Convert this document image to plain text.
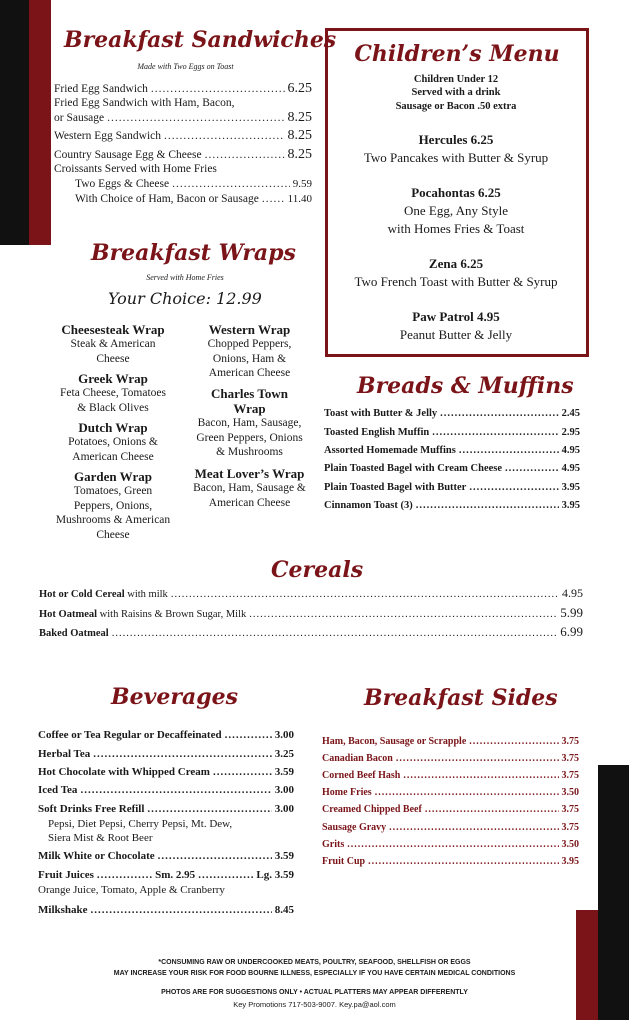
Breakfast Sandwiches
Made with Two Eggs on Toast
Fried Egg Sandwich .....	6.25
Fried Egg Sandwich with Ham, Bacon,
or Sausage .....	8.25
Western Egg Sandwich .....	8.25
Country Sausage Egg & Cheese .....	8.25
Croissants Served with Home Fries
Two Eggs & Cheese .....	9.59
With Choice of Ham, Bacon or Sausage .....	11.40
Breakfast Wraps
Served with Home Fries
Your Choice: 12.99
Cheesesteak Wrap
Steak & American
Cheese
Greek Wrap
Feta Cheese, Tomatoes
& Black Olives
Dutch Wrap
Potatoes, Onions &
American Cheese
Garden Wrap
Tomatoes, Green
Peppers, Onions,
Mushrooms & American
Cheese
Western Wrap
Chopped Peppers,
Onions, Ham &
American Cheese
Charles Town
Wrap
Bacon, Ham, Sausage,
Green Peppers, Onions
& Mushrooms
Meat Lover’s Wrap
Bacon, Ham, Sausage &
American Cheese
Children’s Menu
Children Under 12
Served with a drink
Sausage or Bacon .50 extra
Hercules 6.25
Two Pancakes with Butter & Syrup
Pocahontas 6.25
One Egg, Any Style
with Homes Fries & Toast
Zena 6.25
Two French Toast with Butter & Syrup
Paw Patrol 4.95
Peanut Butter & Jelly
Breads & Muffins
Toast with Butter & Jelly .....	2.45
Toasted English Muffin .....	2.95
Assorted Homemade Muffins .....	4.95
Plain Toasted Bagel with Cream Cheese .....	4.95
Plain Toasted Bagel with Butter .....	3.95
Cinnamon Toast (3) .....	3.95
Cereals
Hot or Cold Cereal with milk .....	4.95
Hot Oatmeal with Raisins & Brown Sugar, Milk .....	5.99
Baked Oatmeal .....	6.99
Beverages
Coffee or Tea Regular or Decaffeinated .....	3.00
Herbal Tea .....	3.25
Hot Chocolate with Whipped Cream .....	3.59
Iced Tea .....	3.00
Soft Drinks Free Refill .....	3.00
Pepsi, Diet Pepsi, Cherry Pepsi, Mt. Dew,
Siera Mist & Root Beer
Milk White or Chocolate .....	3.59
Fruit Juices .....	Sm. 2.95 .....	Lg. 3.59
Orange Juice, Tomato, Apple & Cranberry
Milkshake .....	8.45
Breakfast Sides
Ham, Bacon, Sausage or Scrapple .....	3.75
Canadian Bacon .....	3.75
Corned Beef Hash .....	3.75
Home Fries .....	3.50
Creamed Chipped Beef .....	3.75
Sausage Gravy .....	3.75
Grits .....	3.50
Fruit Cup .....	3.95
*CONSUMING RAW OR UNDERCOOKED MEATS, POULTRY, SEAFOOD, SHELLFISH OR EGGS
MAY INCREASE YOUR RISK FOR FOOD BOURNE ILLNESS, ESPECIALLY IF YOU HAVE CERTAIN MEDICAL CONDITIONS
PHOTOS ARE FOR SUGGESTIONS ONLY • ACTUAL PLATTERS MAY APPEAR DIFFERENTLY
Key Promotions 717-503-9007. Key.pa@aol.com
